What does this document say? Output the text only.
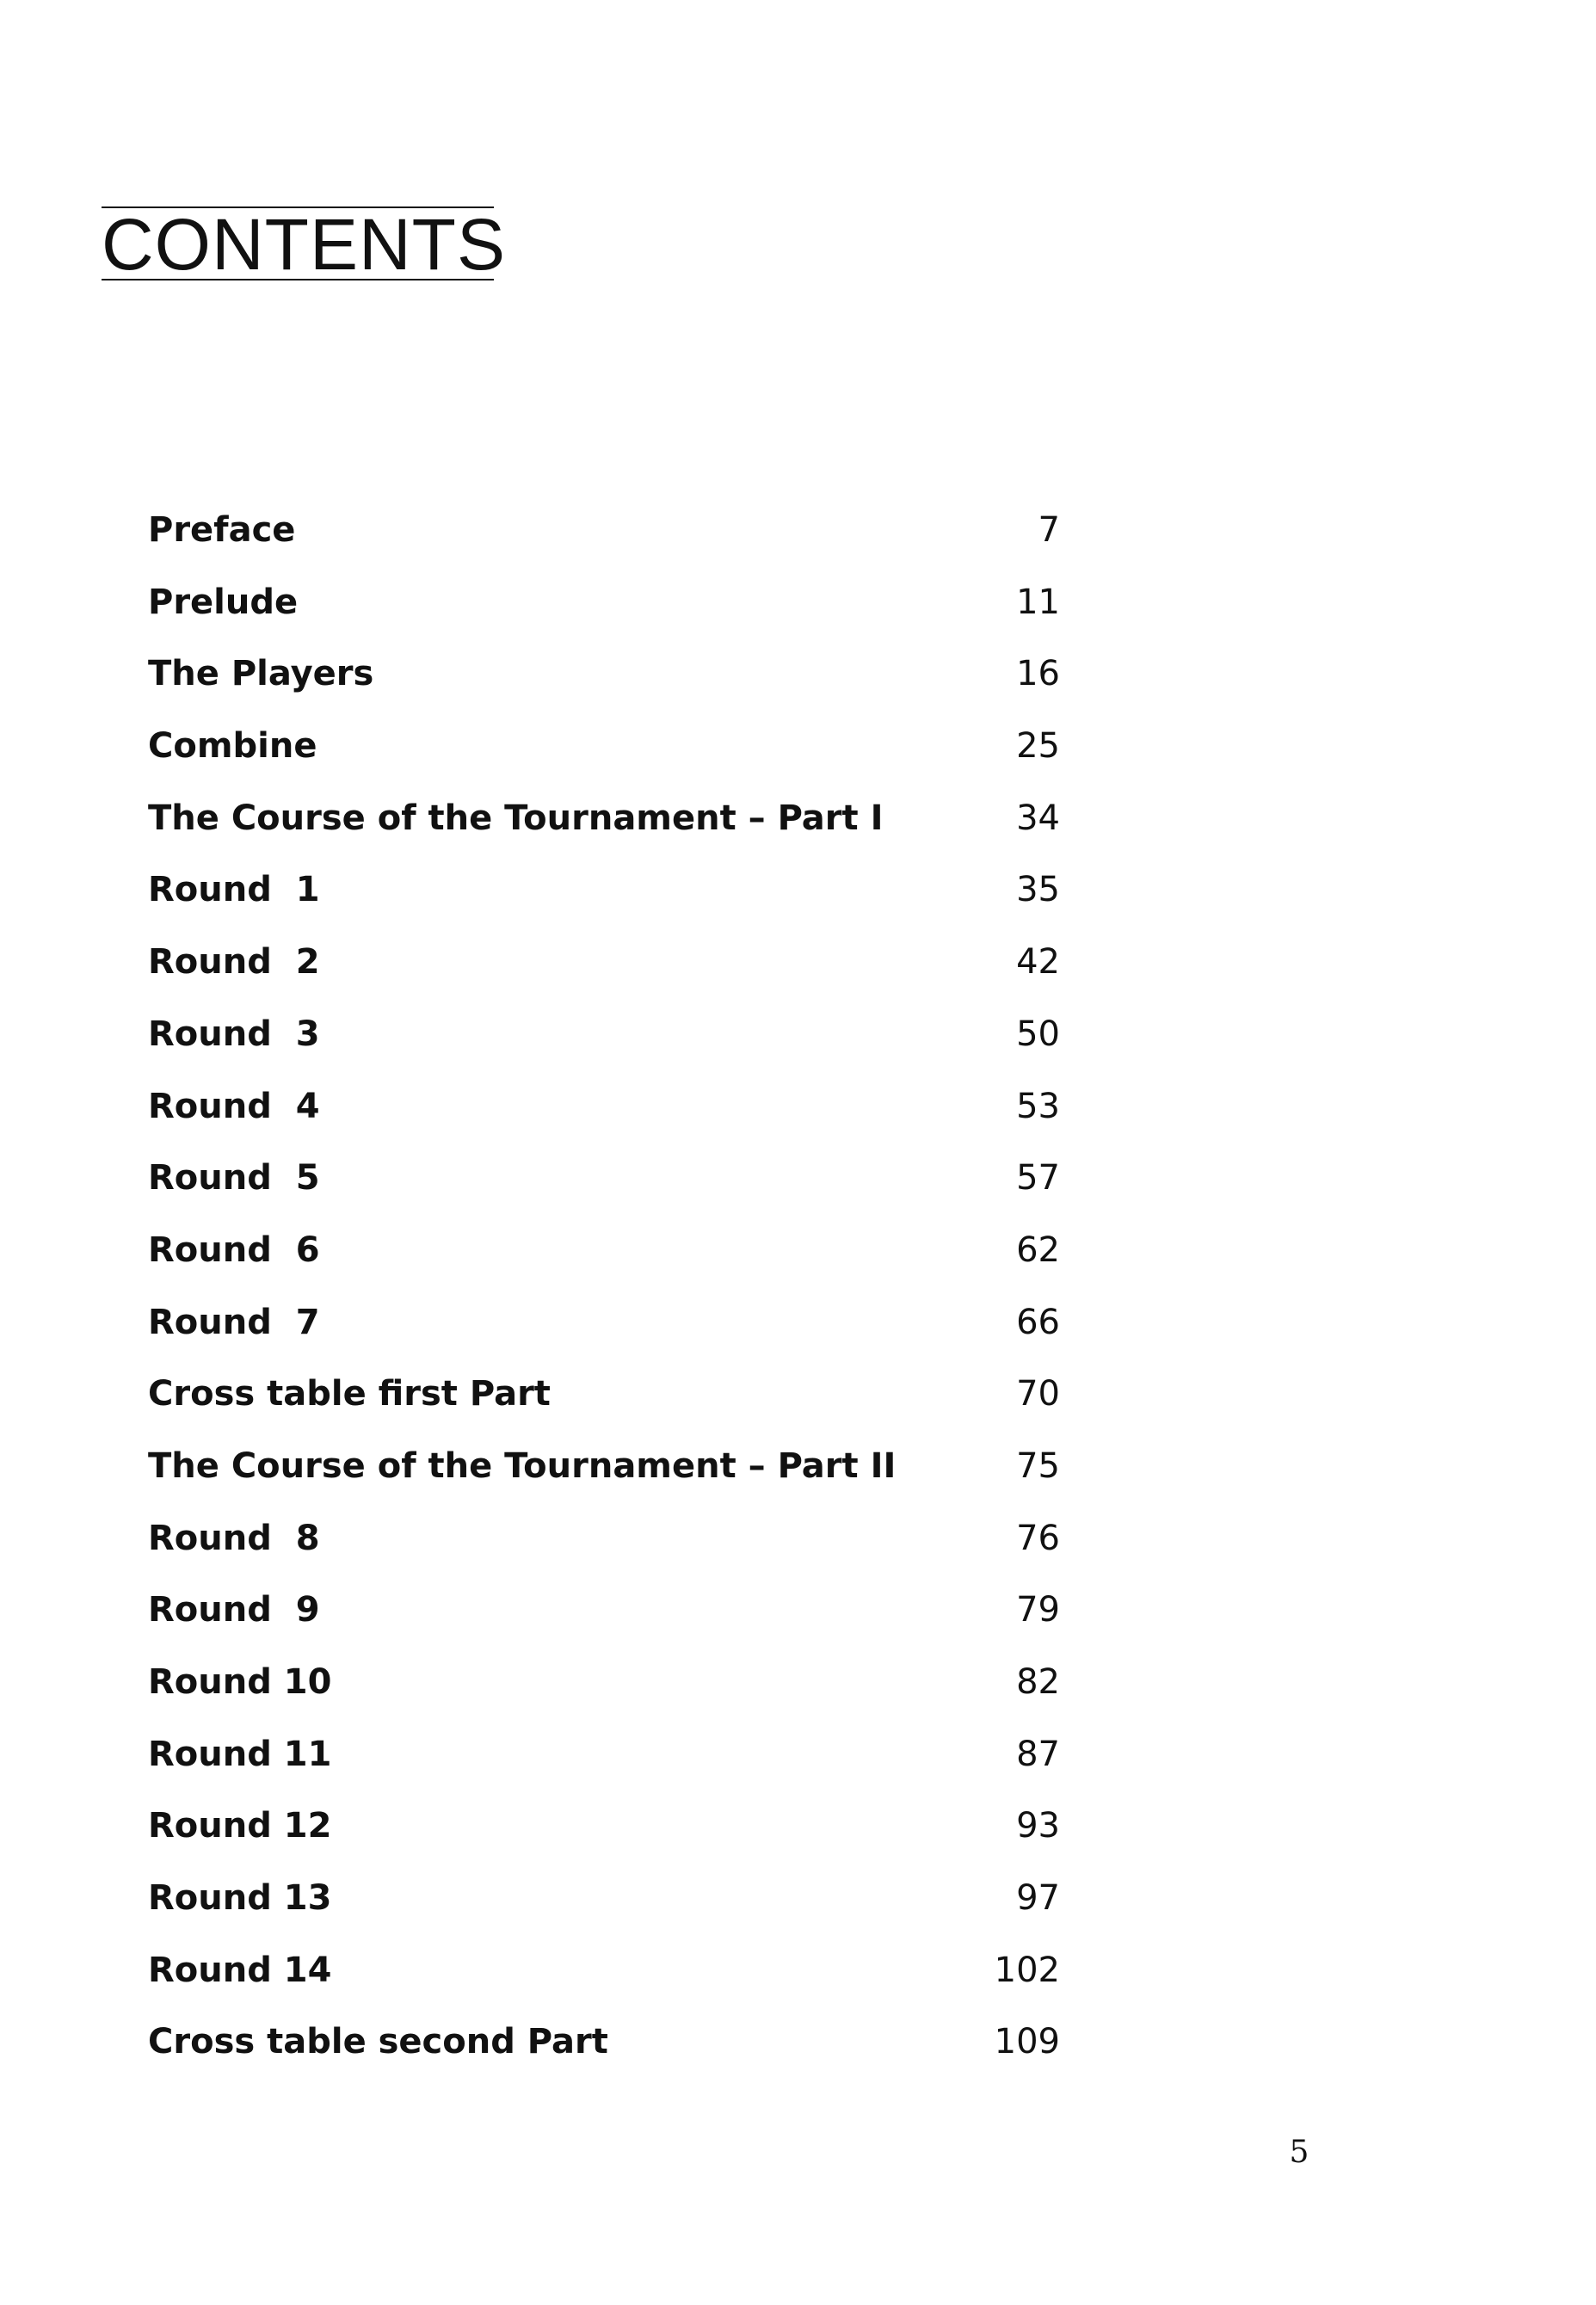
CONTENTS
Preface	7
Prelude	11
The Players	16
Combine	25
The Course of the Tournament – Part I	34
Round  1	35
Round  2	42
Round  3	50
Round  4	53
Round  5	57
Round  6	62
Round  7	66
Cross table first Part	70
The Course of the Tournament – Part II	75
Round  8	76
Round  9	79
Round 10	82
Round 11	87
Round 12	93
Round 13	97
Round 14	102
Cross table second Part	109
5
